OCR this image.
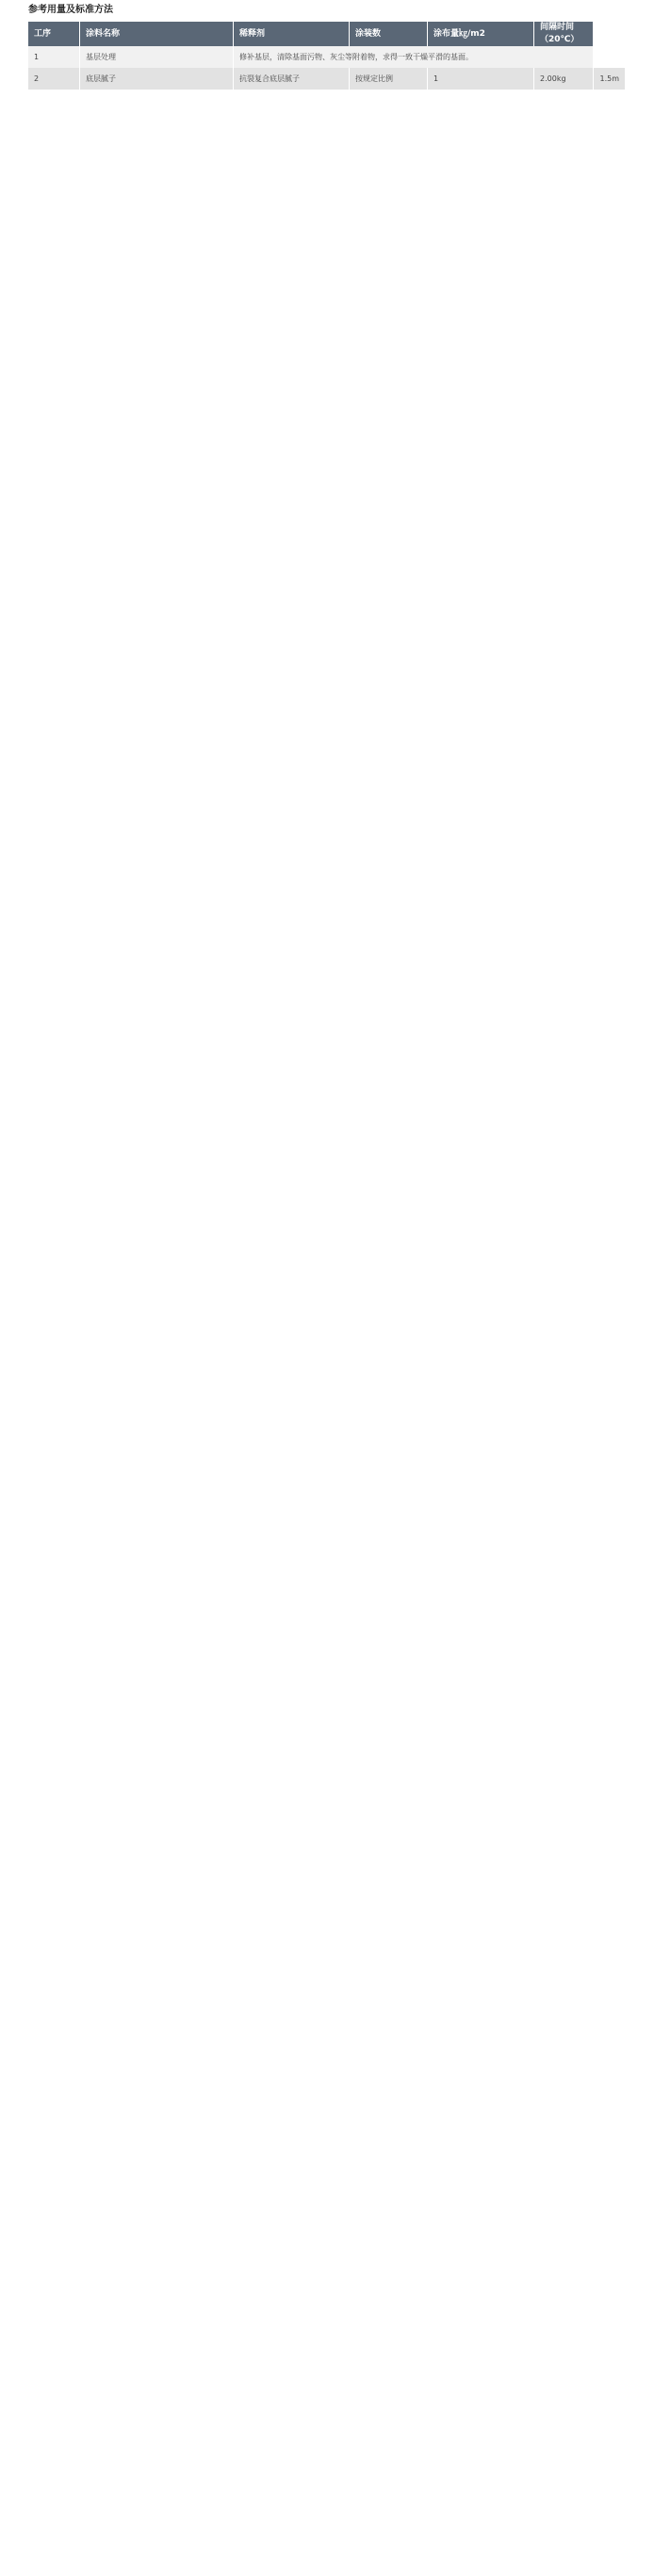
参考用量及标准方法
工序	涂料名称	稀释剂	涂装数	涂布量㎏/m2	间隔时间（20℃）	
1	基层处理	修补基层，清除基面污物、灰尘等附着物，求得一致干燥平滑的基面。				
2	底层腻子	抗裂复合底层腻子	按规定比例	1	2.00kg	1.5m
